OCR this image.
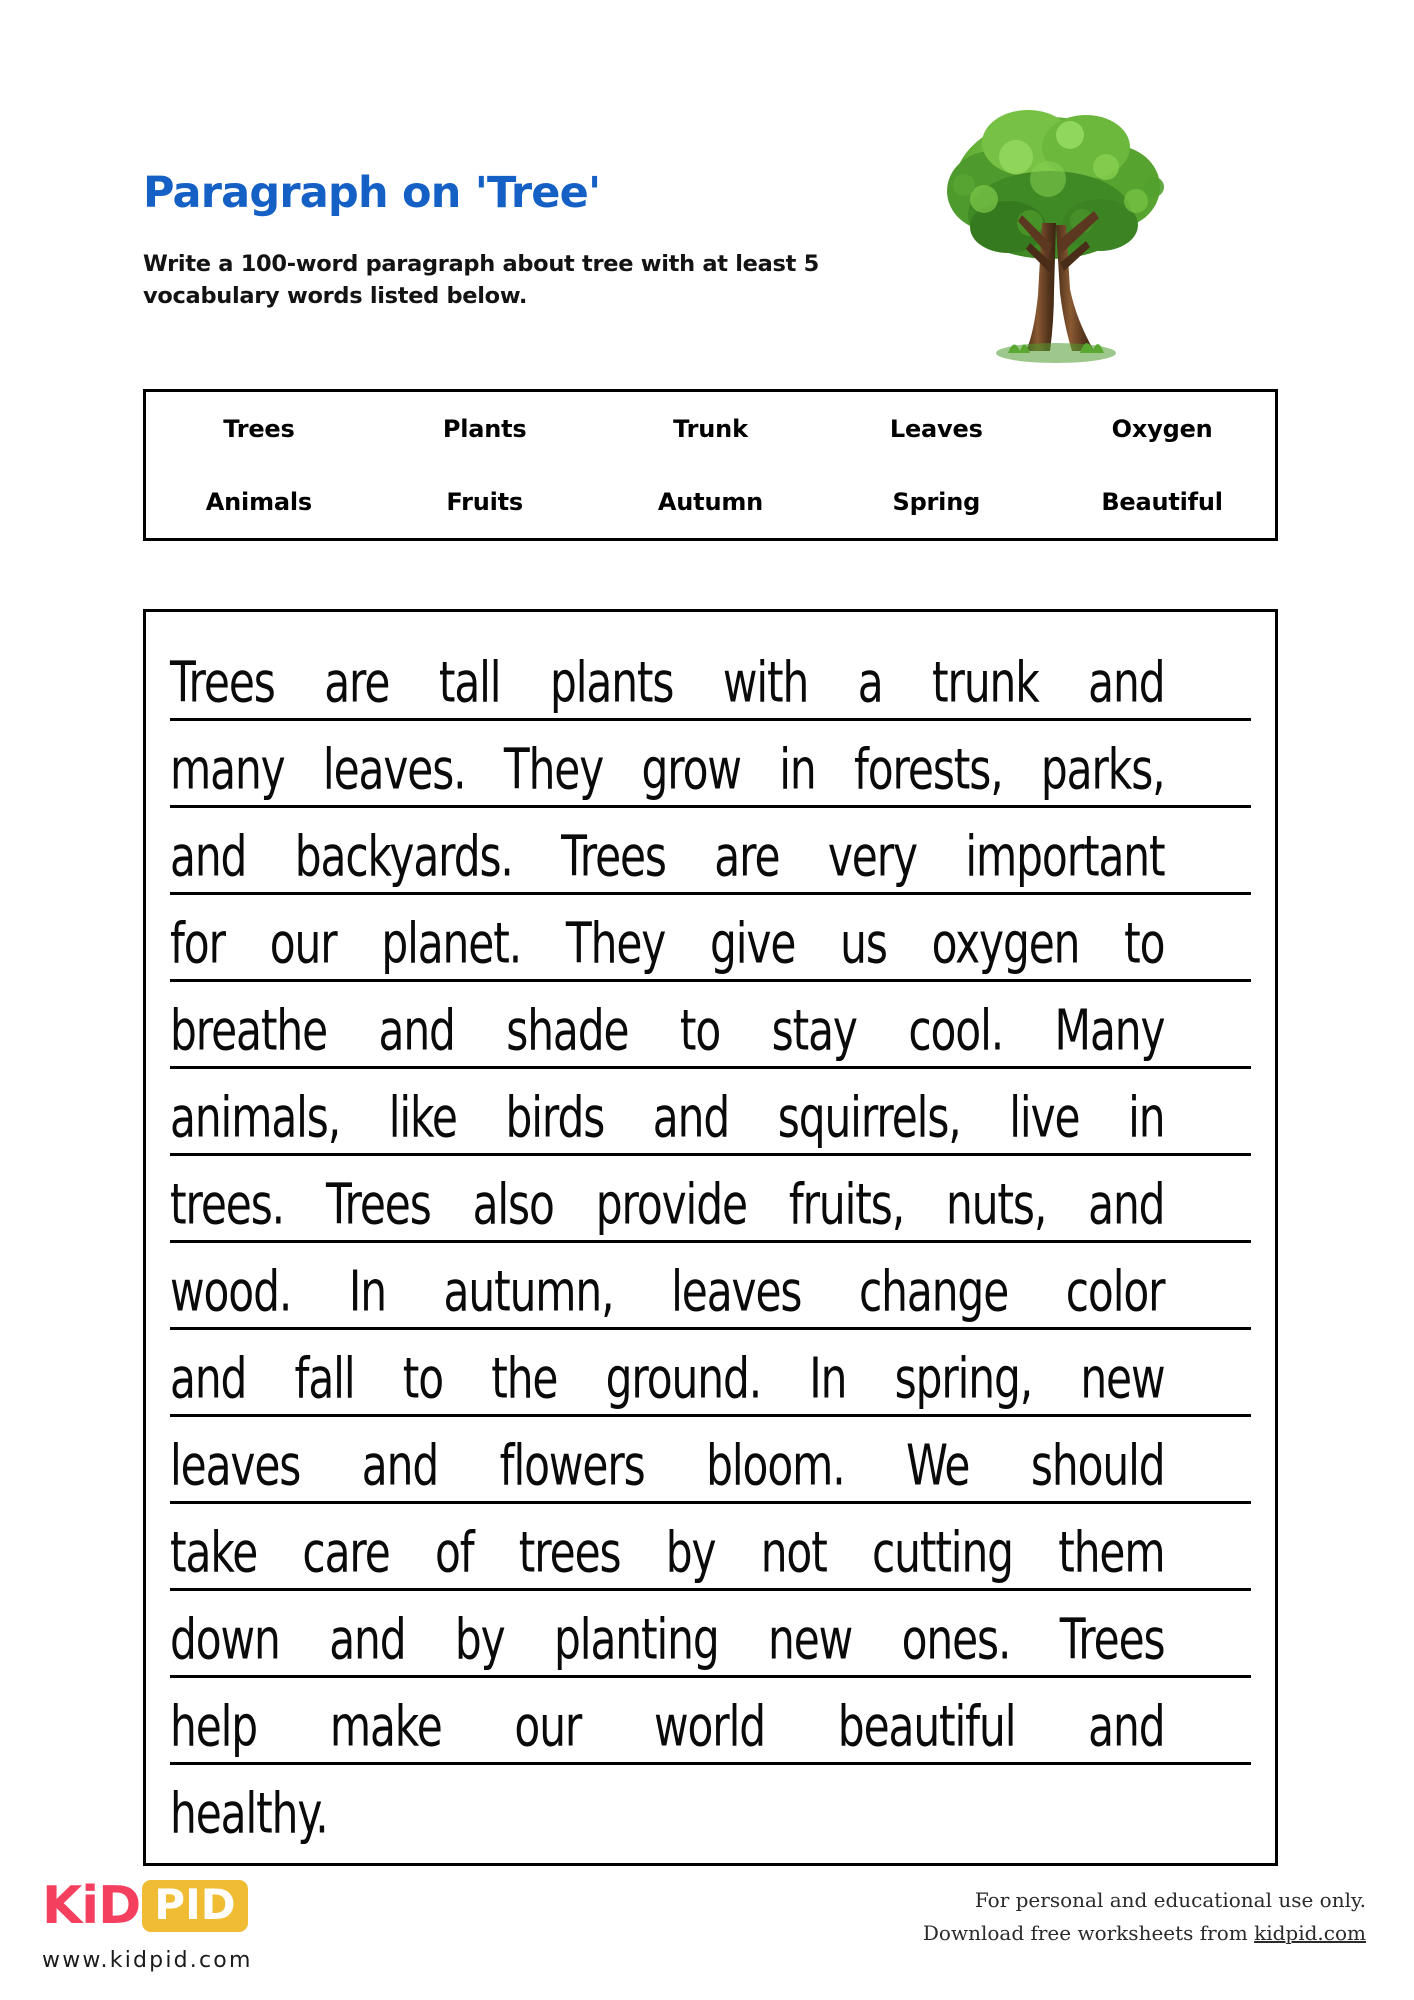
Paragraph on 'Tree'
Write a 100-word paragraph about tree with at least 5 vocabulary words listed below.
Trees	Plants	Trunk	Leaves	Oxygen
Animals	Fruits	Autumn	Spring	Beautiful
Trees are tall plants with a trunk and
many leaves. They grow in forests, parks,
and backyards. Trees are very important
for our planet. They give us oxygen to
breathe and shade to stay cool. Many
animals, like birds and squirrels, live in
trees. Trees also provide fruits, nuts, and
wood. In autumn, leaves change color
and fall to the ground. In spring, new
leaves and flowers bloom. We should
take care of trees by not cutting them
down and by planting new ones. Trees
help make our world beautiful and
healthy.
KiD PID
www.kidpid.com
For personal and educational use only.
Download free worksheets from kidpid.com
